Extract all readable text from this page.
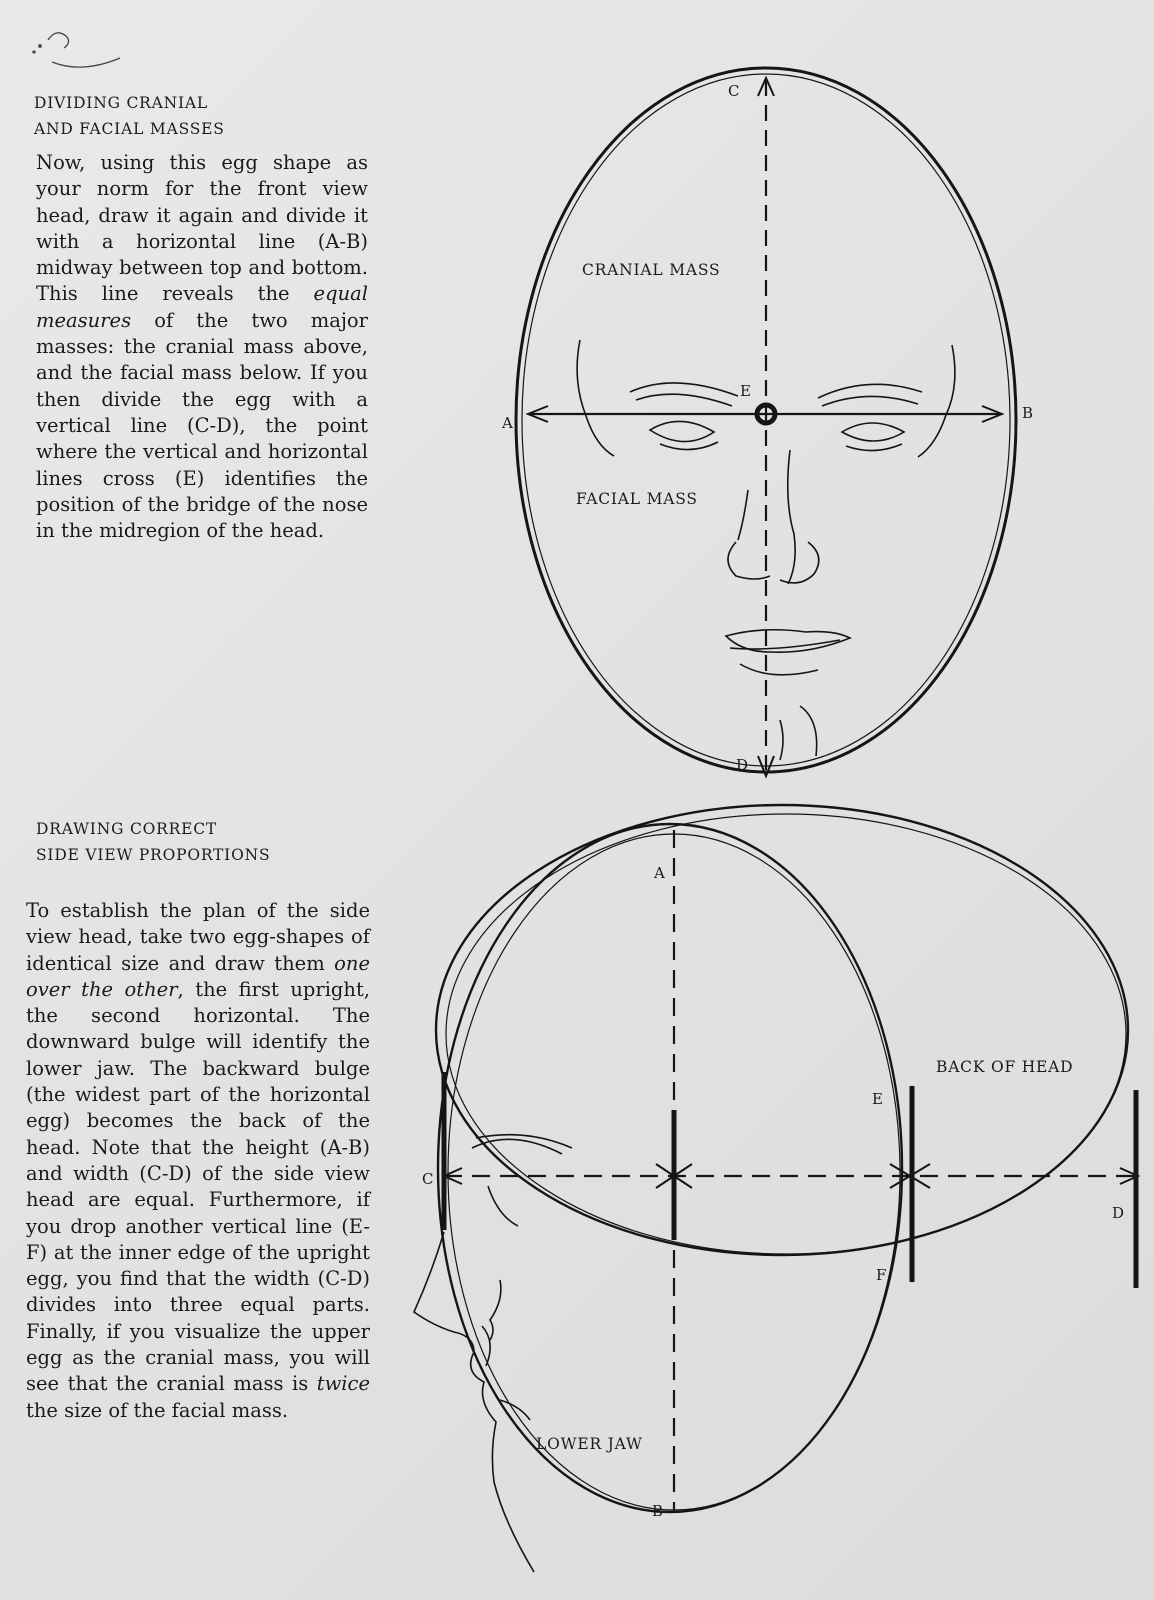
DIVIDING CRANIAL
AND FACIAL MASSES

Now, using this egg shape as your norm for the front view head, draw it again and divide it with a horizontal line (A-B) midway between top and bottom. This line reveals the equal measures of the two major masses: the cranial mass above, and the facial mass below. If you then divide the egg with a vertical line (C-D), the point where the vertical and horizontal lines cross (E) identifies the position of the bridge of the nose in the midregion of the head.

DRAWING CORRECT
SIDE VIEW PROPORTIONS

To establish the plan of the side view head, take two egg-shapes of identical size and draw them one over the other, the first upright, the second horizontal. The downward bulge will identify the lower jaw. The backward bulge (the widest part of the horizontal egg) becomes the back of the head. Note that the height (A-B) and width (C-D) of the side view head are equal. Furthermore, if you drop another vertical line (E-F) at the inner edge of the upright egg, you find that the width (C-D) divides into three equal parts. Finally, if you visualize the upper egg as the cranial mass, you will see that the cranial mass is twice the size of the facial mass.

CRANIAL MASS
FACIAL MASS
C
D
A
B
E
BACK OF HEAD
LOWER JAW
A
B
C
D
E
F
